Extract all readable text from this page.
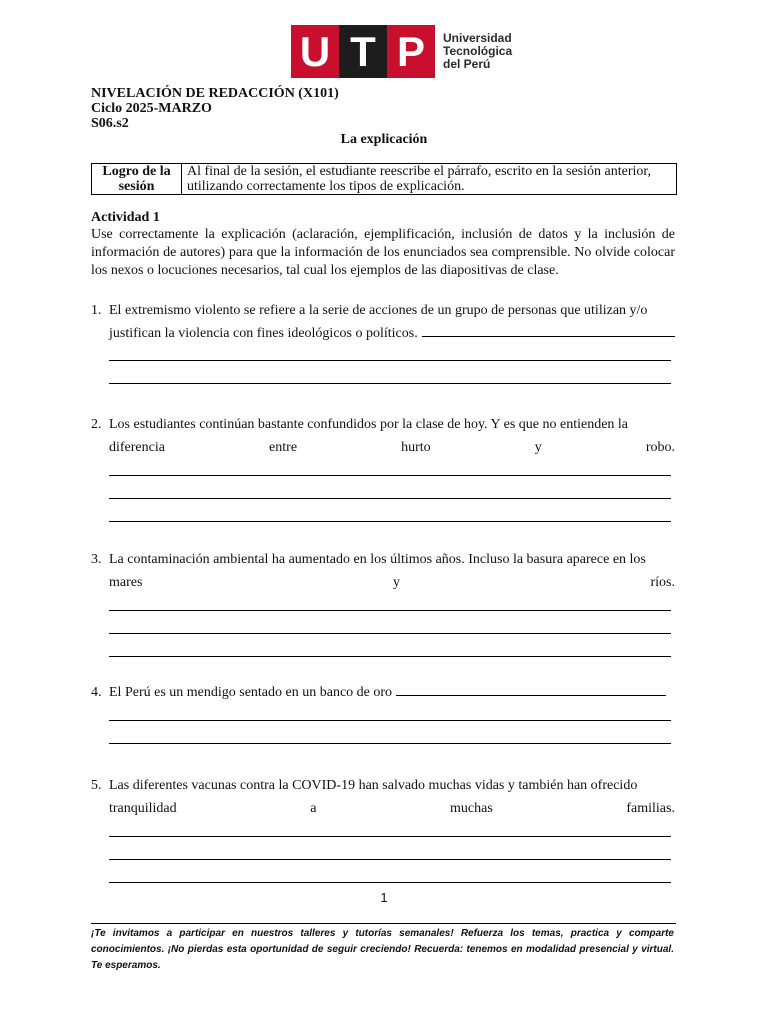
U T P	Universidad
Tecnológica
del Perú
NIVELACIÓN DE REDACCIÓN (X101)
Ciclo 2025-MARZO
S06.s2
La explicación
Logro de la sesión	Al final de la sesión, el estudiante reescribe el párrafo, escrito en la sesión anterior, utilizando correctamente los tipos de explicación.
Actividad 1
Use correctamente la explicación (aclaración, ejemplificación, inclusión de datos y la inclusión de información de autores) para que la información de los enunciados sea comprensible. No olvide colocar los nexos o locuciones necesarios, tal cual los ejemplos de las diapositivas de clase.
1. El extremismo violento se refiere a la serie de acciones de un grupo de personas que utilizan y/o
justifican la violencia con fines ideológicos o políticos.
2. Los estudiantes continúan bastante confundidos por la clase de hoy. Y es que no entienden la
diferencia	entre	hurto	y	robo.
3. La contaminación ambiental ha aumentado en los últimos años. Incluso la basura aparece en los
mares	y	ríos.
4. El Perú es un mendigo sentado en un banco de oro
5. Las diferentes vacunas contra la COVID-19 han salvado muchas vidas y también han ofrecido
tranquilidad	a	muchas	familias.
1
¡Te invitamos a participar en nuestros talleres y tutorías semanales! Refuerza los temas, practica y comparte conocimientos. ¡No pierdas esta oportunidad de seguir creciendo! Recuerda: tenemos en modalidad presencial y virtual. Te esperamos.
